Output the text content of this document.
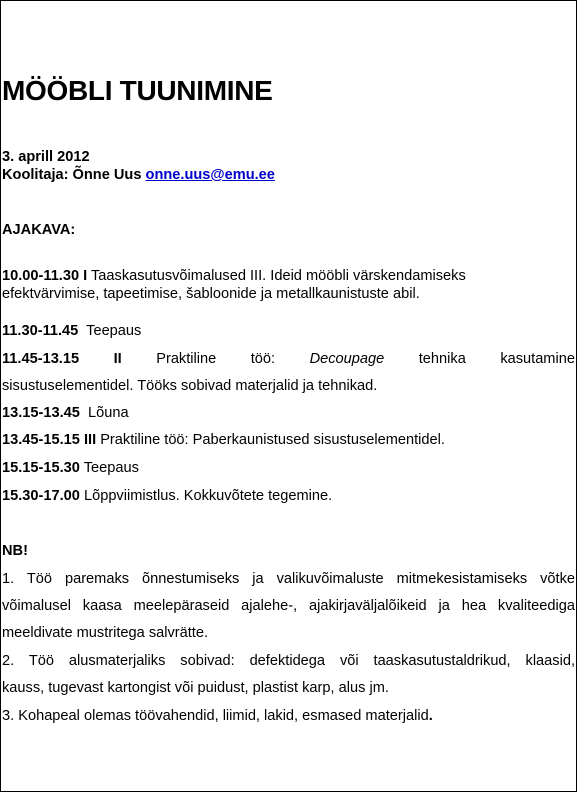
MÖÖBLI TUUNIMINE
3. aprill 2012
Koolitaja: Õnne Uus onne.uus@emu.ee
AJAKAVA:
10.00-11.30 I Taaskasutusvõimalused III. Ideid mööbli värskendamiseks
efektvärvimise, tapeetimise, šabloonide ja metallkaunistuste abil.
11.30-11.45 Teepaus
11.45-13.15 II Praktiline töö: Decoupage tehnika kasutamine
sisustuselementidel. Tööks sobivad materjalid ja tehnikad.
13.15-13.45 Lõuna
13.45-15.15 III Praktiline töö: Paberkaunistused sisustuselementidel.
15.15-15.30 Teepaus
15.30-17.00 Lõppviimistlus. Kokkuvõtete tegemine.
NB!
1. Töö paremaks õnnestumiseks ja valikuvõimaluste mitmekesistamiseks võtke
võimalusel kaasa meelepäraseid ajalehe-, ajakirjaväljalõikeid ja hea kvaliteediga
meeldivate mustritega salvrätte.
2. Töö alusmaterjaliks sobivad: defektidega või taaskasutustaldrikud, klaasid,
kauss, tugevast kartongist või puidust, plastist karp, alus jm.
3. Kohapeal olemas töövahendid, liimid, lakid, esmased materjalid.
